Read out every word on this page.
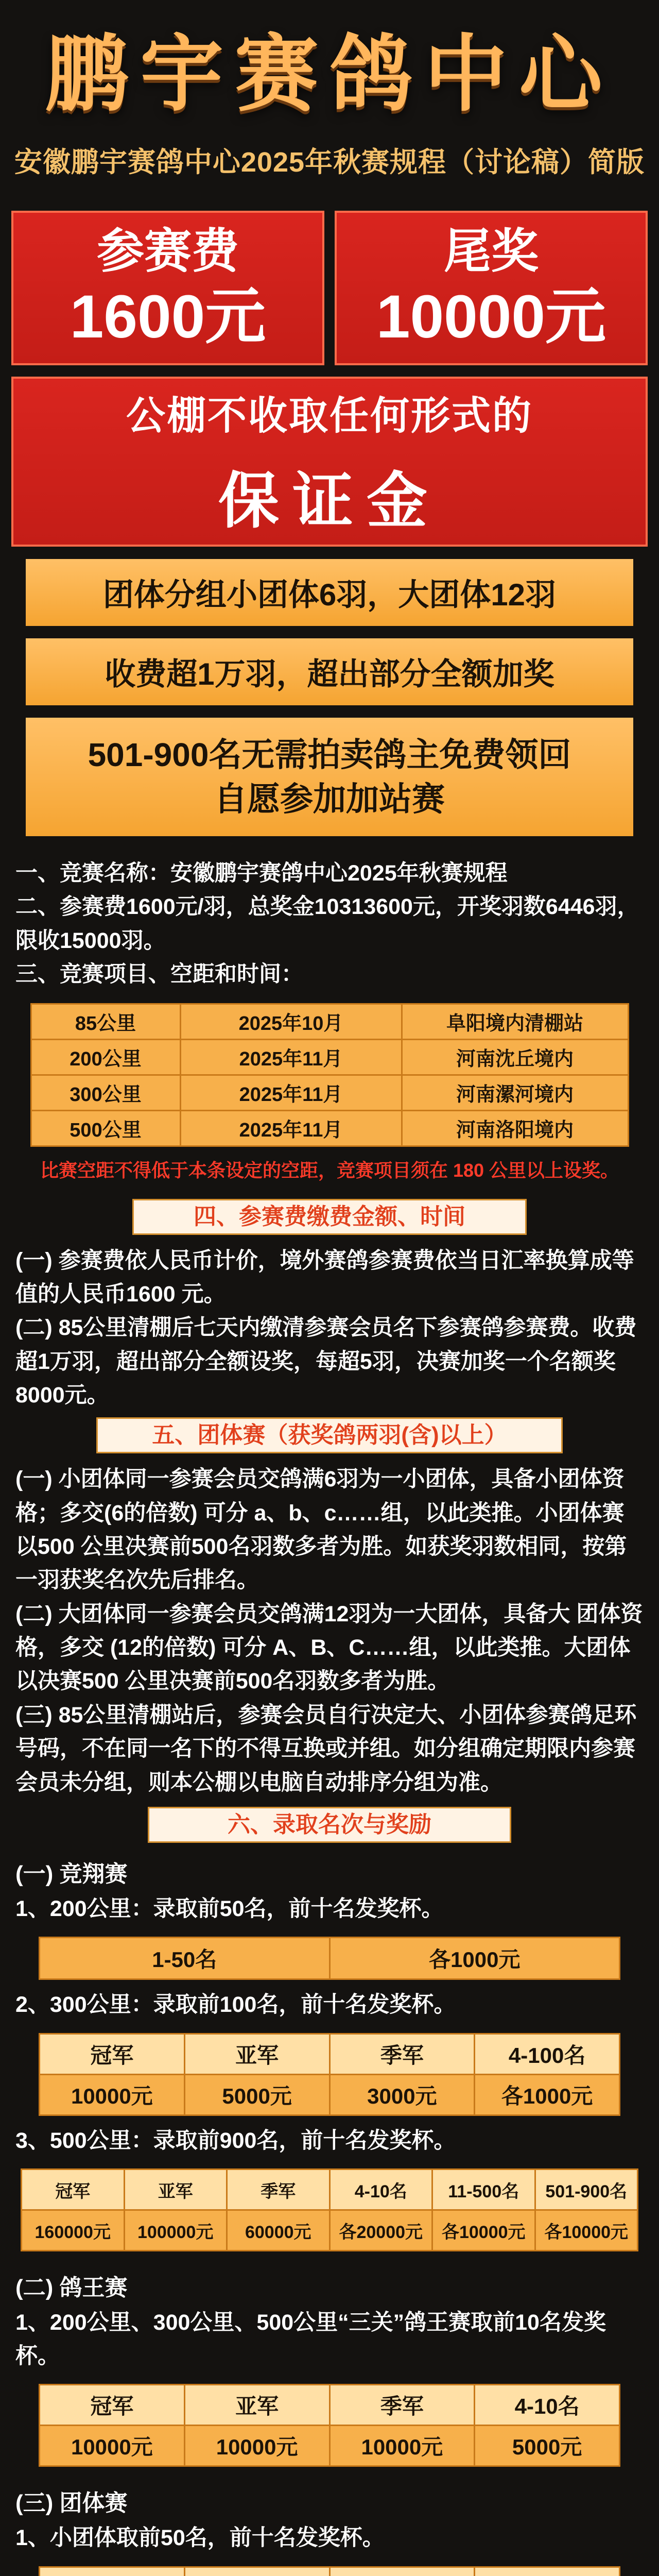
鹏宇赛鸽中心
安徽鹏宇赛鸽中心2025年秋赛规程（讨论稿）简版
参赛费
1600元
尾奖
10000元
公棚不收取任何形式的
保证金
团体分组小团体6羽，大团体12羽
收费超1万羽，超出部分全额加奖
501-900名无需拍卖鸽主免费领回
自愿参加加站赛

一、竞赛名称：安徽鹏宇赛鸽中心2025年秋赛规程

二、参赛费1600元/羽，总奖金10313600元，开奖羽数6446羽，限收15000羽。

三、竞赛项目、空距和时间：

85公里	2025年10月	阜阳境内清棚站
200公里	2025年11月	河南沈丘境内
300公里	2025年11月	河南漯河境内
500公里	2025年11月	河南洛阳境内
比赛空距不得低于本条设定的空距，竞赛项目须在 180 公里以上设奖。
四、参赛费缴费金额、时间

(一) 参赛费依人民币计价，境外赛鸽参赛费依当日汇率换算成等值的人民币1600 元。

(二) 85公里清棚后七天内缴清参赛会员名下参赛鸽参赛费。收费超1万羽，超出部分全额设奖，每超5羽，决赛加奖一个名额奖8000元。

五、团体赛（获奖鸽两羽(含)以上）

(一) 小团体同一参赛会员交鸽满6羽为一小团体，具备小团体资格；多交(6的倍数) 可分 a、b、c……组，以此类推。小团体赛以500 公里决赛前500名羽数多者为胜。如获奖羽数相同，按第一羽获奖名次先后排名。

(二) 大团体同一参赛会员交鸽满12羽为一大团体，具备大 团体资格，多交 (12的倍数) 可分 A、B、C……组，以此类推。大团体以决赛500 公里决赛前500名羽数多者为胜。

(三) 85公里清棚站后，参赛会员自行决定大、小团体参赛鸽足环号码，不在同一名下的不得互换或并组。如分组确定期限内参赛会员未分组，则本公棚以电脑自动排序分组为准。

六、录取名次与奖励
(一) 竞翔赛
1、200公里：录取前50名，前十名发奖杯。
1-50名	各1000元
2、300公里：录取前100名，前十名发奖杯。
冠军	亚军	季军	4-100名
10000元	5000元	3000元	各1000元
3、500公里：录取前900名，前十名发奖杯。
冠军	亚军	季军	4-10名	11-500名	501-900名
160000元	100000元	60000元	各20000元	各10000元	各10000元
(二) 鸽王赛
1、200公里、300公里、500公里“三关”鸽王赛取前10名发奖杯。
冠军	亚军	季军	4-10名
10000元	10000元	10000元	5000元
(三) 团体赛
1、小团体取前50名，前十名发奖杯。
